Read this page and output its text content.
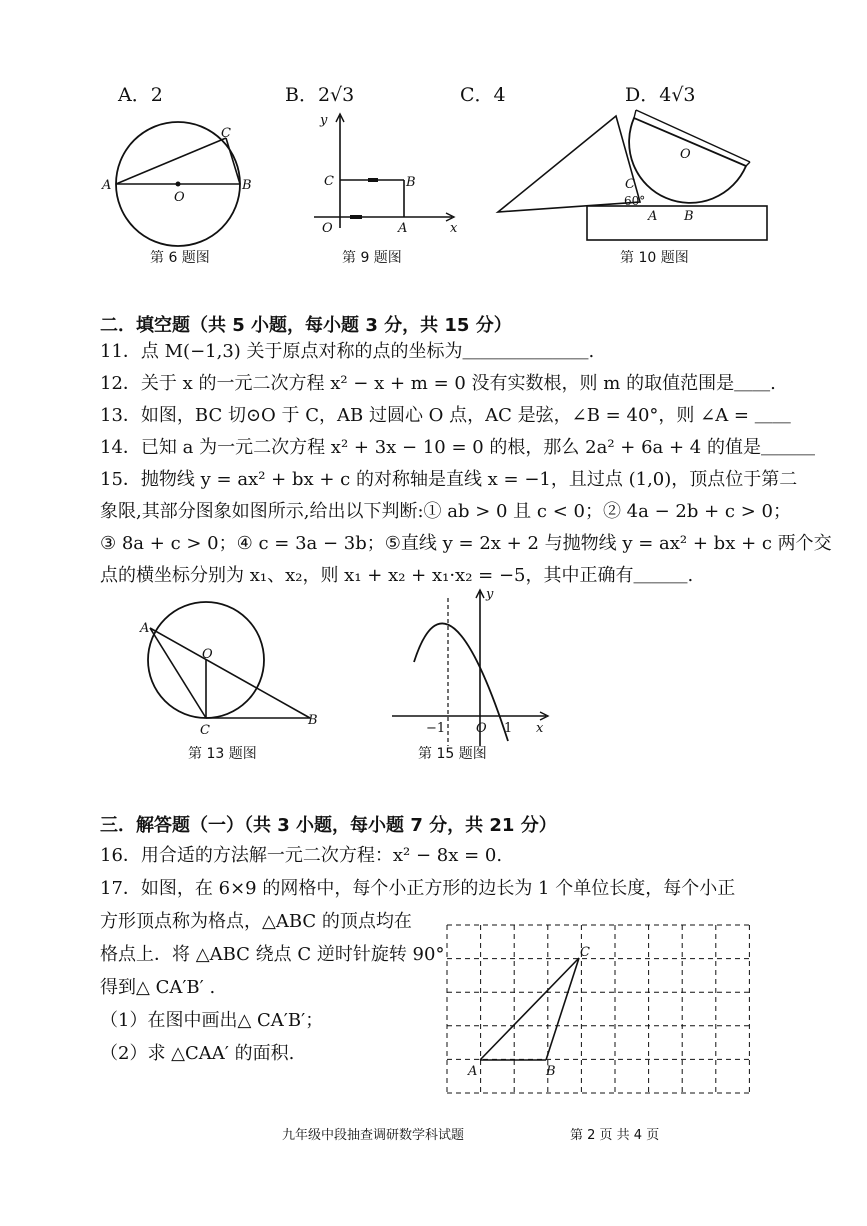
A．2	B．2√3	C．4	D．4√3
A	B
C
O
第 6 题图
y
x
C	B
O	A
第 9 题图
O
C
60°
A B
第 10 题图
二．填空题（共 5 小题，每小题 3 分，共 15 分）
11．点 M(−1,3) 关于原点对称的点的坐标为＿＿＿＿＿＿＿.
12．关于 x 的一元二次方程 x² − x + m = 0 没有实数根，则 m 的取值范围是＿＿.
13．如图，BC 切⊙O 于 C，AB 过圆心 O 点，AC 是弦，∠B = 40°，则 ∠A = ＿＿
14．已知 a 为一元二次方程 x² + 3x − 10 = 0 的根，那么 2a² + 6a + 4 的值是＿＿＿
15．抛物线 y = ax² + bx + c 的对称轴是直线 x = −1，且过点 (1,0)，顶点位于第二
象限,其部分图象如图所示,给出以下判断:① ab > 0 且 c < 0；② 4a − 2b + c > 0；
③ 8a + c > 0；④ c = 3a − 3b；⑤直线 y = 2x + 2 与抛物线 y = ax² + bx + c 两个交
点的横坐标分别为 x₁、x₂，则 x₁ + x₂ + x₁·x₂ = −5，其中正确有＿＿＿.
A
O
C
B
第 13 题图
y
x
−1 O 1
第 15 题图
三．解答题（一）（共 3 小题，每小题 7 分，共 21 分）
16．用合适的方法解一元二次方程：x² − 8x = 0.
17．如图，在 6×9 的网格中，每个小正方形的边长为 1 个单位长度，每个小正
方形顶点称为格点，△ABC 的顶点均在
格点上．将 △ABC 绕点 C 逆时针旋转 90°
得到△ CA′B′ .
（1）在图中画出△ CA′B′；
（2）求 △CAA′ 的面积.
A	B
C
九年级中段抽查调研数学科试题	第 2 页 共 4 页
